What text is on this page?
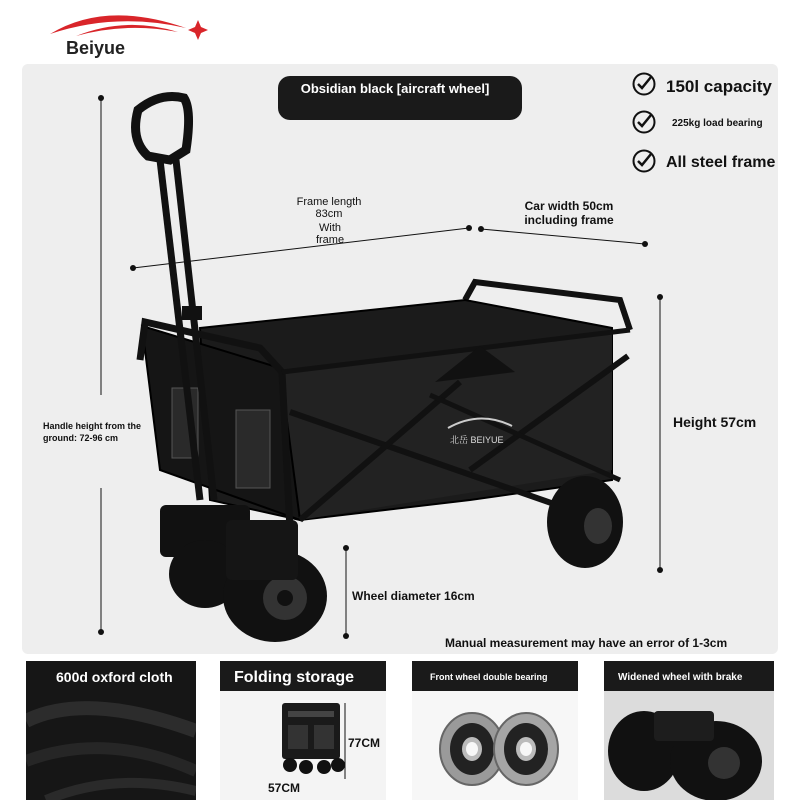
Beiyue
Obsidian black [aircraft wheel]	150l capacity
225kg load bearing
All steel frame
Frame length 83cm
With frame
Car width 50cm including frame
Handle height from the ground: 72-96 cm
Height 57cm
Wheel diameter 16cm
Manual measurement may have an error of 1-3cm
北岳 BEIYUE
600d oxford cloth	Folding storage
77CM
57CM
Front wheel double bearing	Widened wheel with brake
